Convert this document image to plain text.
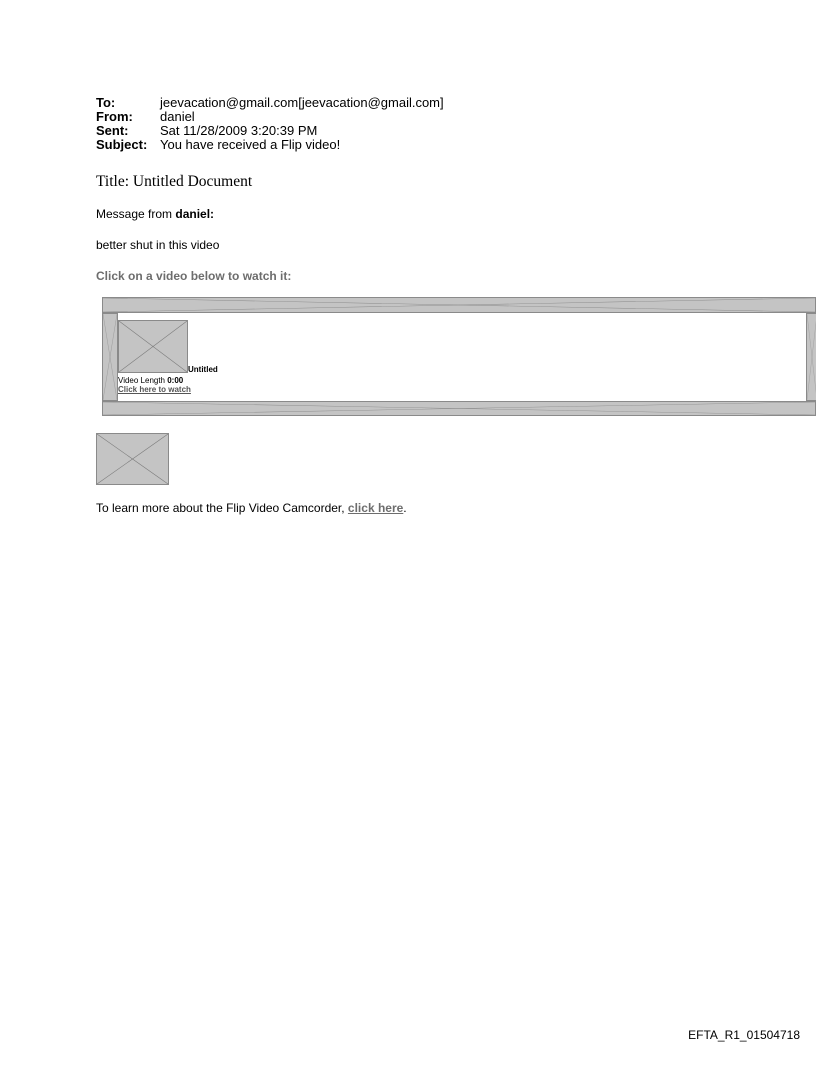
To:	jeevacation@gmail.com[jeevacation@gmail.com]
From:	daniel
Sent:	Sat 11/28/2009 3:20:39 PM
Subject: You have received a Flip video!
Title: Untitled Document
Message from daniel:
better shut in this video
Click on a video below to watch it:
Untitled
Video Length 0:00
Click here to watch
To learn more about the Flip Video Camcorder, click here.
EFTA_R1_01504718
